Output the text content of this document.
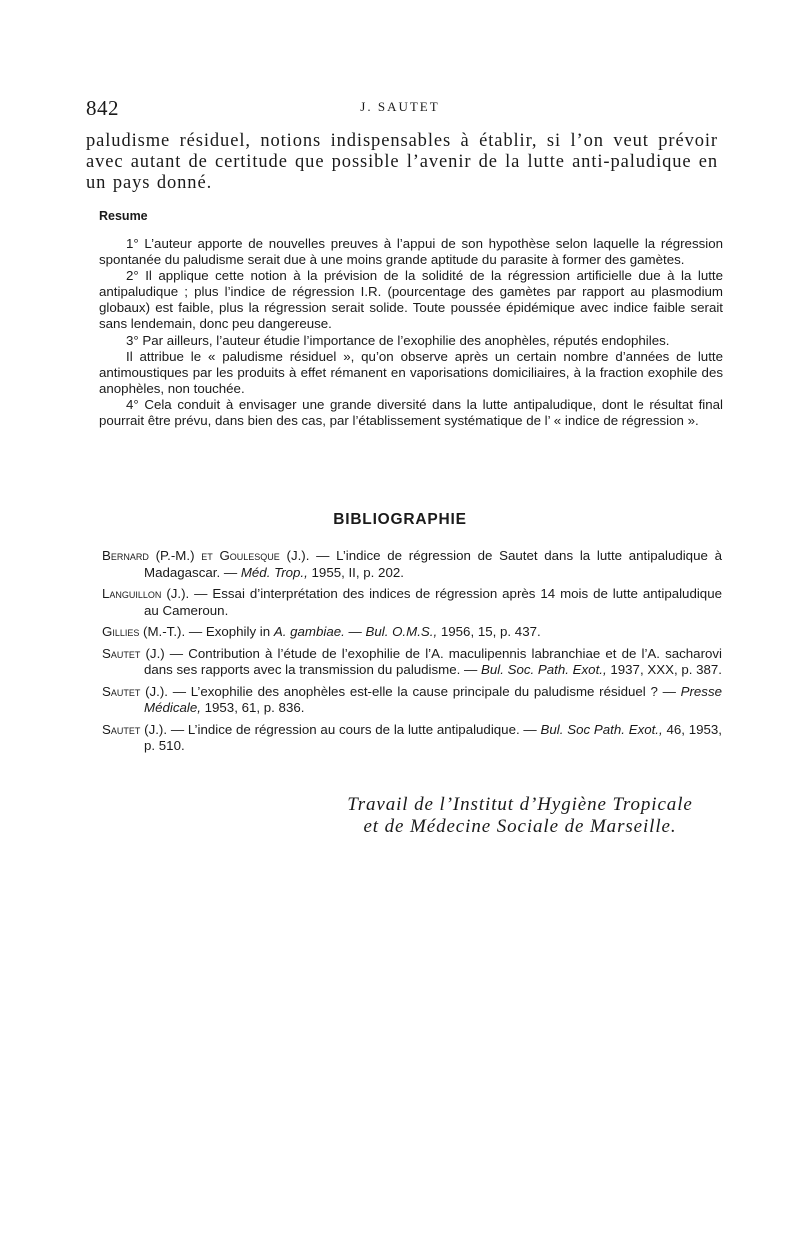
842	J. SAUTET
paludisme résiduel, notions indispensables à établir, si l’on veut prévoir avec autant de certitude que possible l’avenir de la lutte anti-paludique en un pays donné.
Resume

1° L’auteur apporte de nouvelles preuves à l’appui de son hypothèse selon laquelle la régression spontanée du paludisme serait due à une moins grande aptitude du parasite à former des gamètes.

2° Il applique cette notion à la prévision de la solidité de la régression artificielle due à la lutte antipaludique ; plus l’indice de régression I.R. (pourcentage des gamètes par rapport au plasmodium globaux) est faible, plus la régression serait solide. Toute poussée épidémique avec indice faible serait sans lendemain, donc peu dangereuse.

3° Par ailleurs, l’auteur étudie l’importance de l’exophilie des anophèles, réputés endophiles.

Il attribue le « paludisme résiduel », qu’on observe après un certain nombre d’années de lutte antimoustiques par les produits à effet rémanent en vaporisations domiciliaires, à la fraction exophile des anophèles, non touchée.

4° Cela conduit à envisager une grande diversité dans la lutte antipaludique, dont le résultat final pourrait être prévu, dans bien des cas, par l’établissement systématique de l’ « indice de régression ».

BIBLIOGRAPHIE
Bernard (P.-M.) et Goulesque (J.). — L’indice de régression de Sautet dans la lutte antipaludique à Madagascar. — Méd. Trop., 1955, II, p. 202.
Languillon (J.). — Essai d’interprétation des indices de régression après 14 mois de lutte antipaludique au Cameroun.
Gillies (M.-T.). — Exophily in A. gambiae. — Bul. O.M.S., 1956, 15, p. 437.
Sautet (J.) — Contribution à l’étude de l’exophilie de l’A. maculipennis labranchiae et de l’A. sacharovi dans ses rapports avec la transmission du paludisme. — Bul. Soc. Path. Exot., 1937, XXX, p. 387.
Sautet (J.). — L’exophilie des anophèles est-elle la cause principale du paludisme résiduel ? — Presse Médicale, 1953, 61, p. 836.
Sautet (J.). — L’indice de régression au cours de la lutte antipaludique. — Bul. Soc Path. Exot., 46, 1953, p. 510.
Travail de l’Institut d’Hygiène Tropicale
et de Médecine Sociale de Marseille.
